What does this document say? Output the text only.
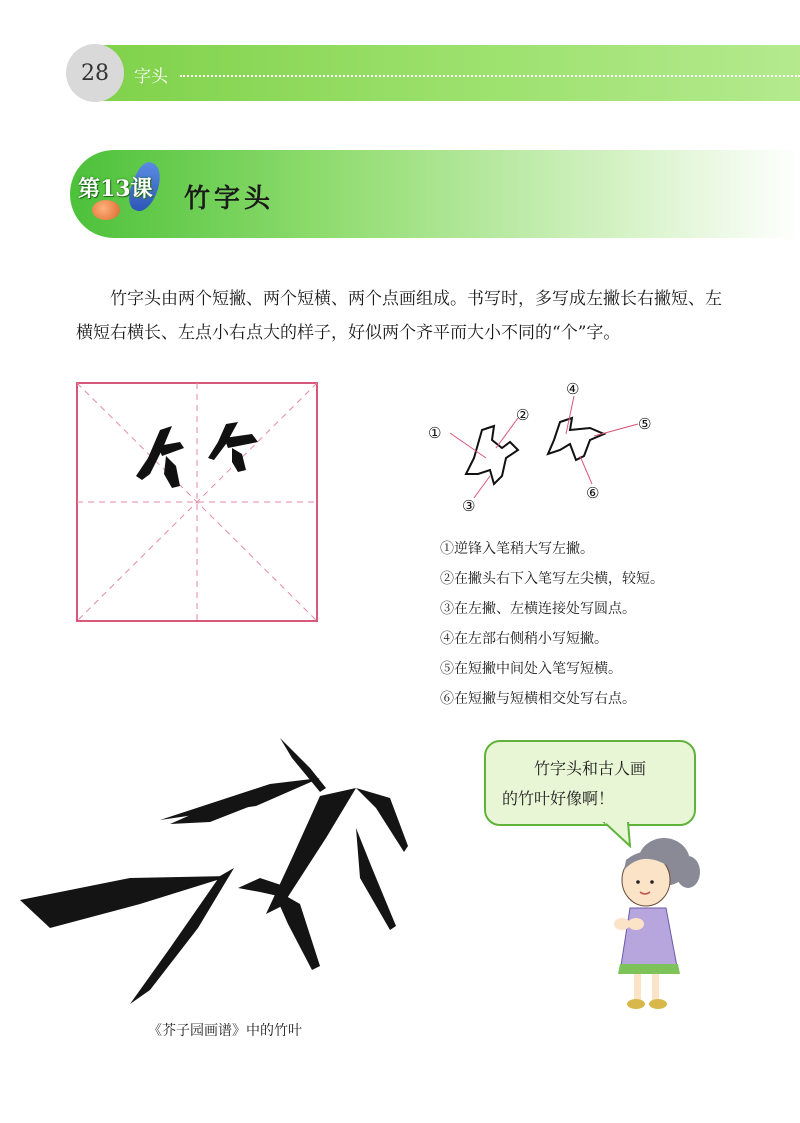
28	字头
第13课 竹字头

竹字头由两个短撇、两个短横、两个点画组成。书写时，多写成左撇长右撇短、左横短右横长、左点小右点大的样子，好似两个齐平而大小不同的“个”字。

①
②
③
④
⑤
⑥
①逆锋入笔稍大写左撇。
②在撇头右下入笔写左尖横，较短。
③在左撇、左横连接处写圆点。
④在左部右侧稍小写短撇。
⑤在短撇中间处入笔写短横。
⑥在短撇与短横相交处写右点。
《芥子园画谱》中的竹叶
竹字头和古人画
的竹叶好像啊！
